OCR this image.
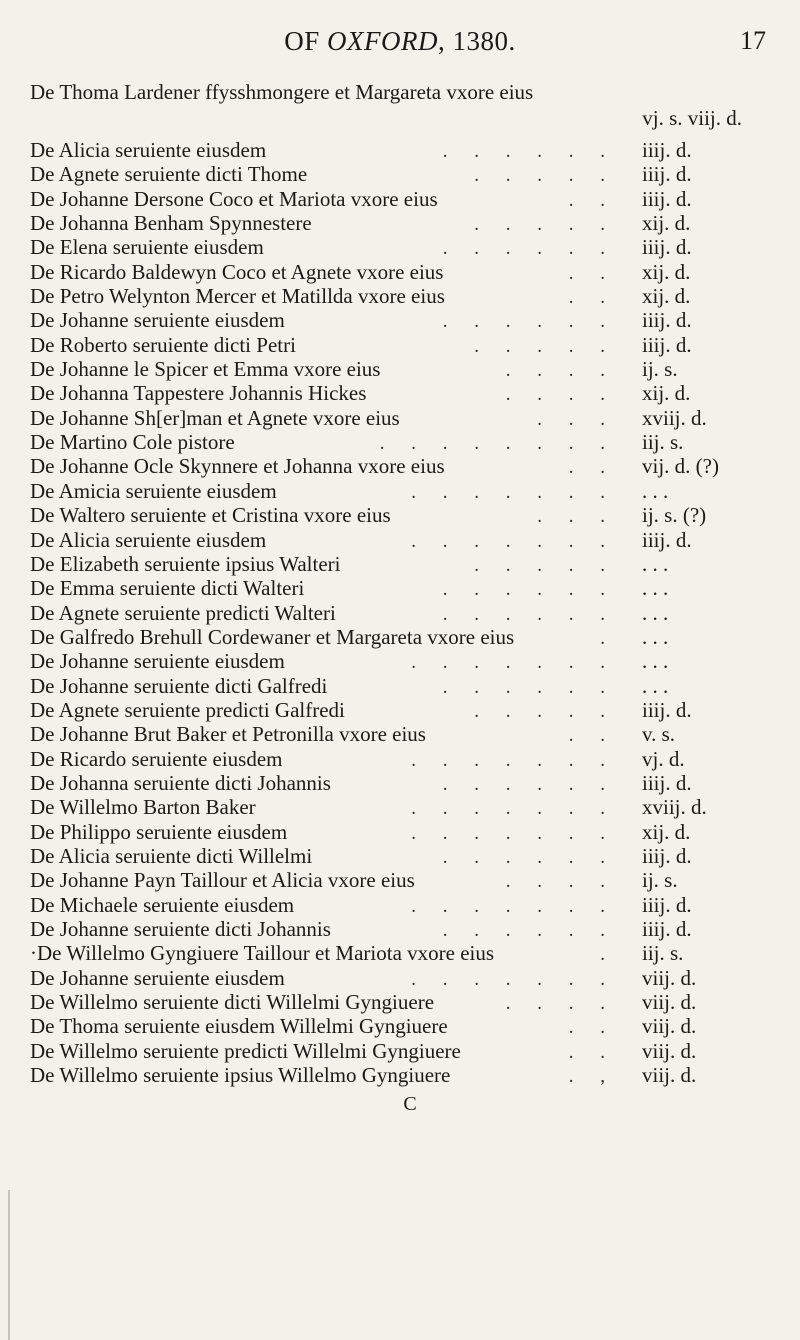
OF OXFORD, 1380.	17
De Thoma Lardener ffysshmongere et Margareta vxore eius
vj. s. viij. d.
De Alicia seruiente eiusdem	. . . . . .	iiij. d.
De Agnete seruiente dicti Thome	. . . . .	iiij. d.
De Johanne Dersone Coco et Mariota vxore eius	. .	iiij. d.
De Johanna Benham Spynnestere	. . . . .	xij. d.
De Elena seruiente eiusdem	. . . . . .	iiij. d.
De Ricardo Baldewyn Coco et Agnete vxore eius	. .	xij. d.
De Petro Welynton Mercer et Matillda vxore eius	. .	xij. d.
De Johanne seruiente eiusdem	. . . . . .	iiij. d.
De Roberto seruiente dicti Petri	. . . . .	iiij. d.
De Johanne le Spicer et Emma vxore eius	. . . .	ij. s.
De Johanna Tappestere Johannis Hickes	. . . .	xij. d.
De Johanne Sh[er]man et Agnete vxore eius	. . .	xviij. d.
De Martino Cole pistore	. . . . . . . .	iij. s.
De Johanne Ocle Skynnere et Johanna vxore eius	. .	vij. d. (?)
De Amicia seruiente eiusdem	. . . . . . .	. . .
De Waltero seruiente et Cristina vxore eius	. . .	ij. s. (?)
De Alicia seruiente eiusdem	. . . . . . .	iiij. d.
De Elizabeth seruiente ipsius Walteri	. . . . .	. . .
De Emma seruiente dicti Walteri	. . . . . .	. . .
De Agnete seruiente predicti Walteri	. . . . . .	. . .
De Galfredo Brehull Cordewaner et Margareta vxore eius	.	. . .
De Johanne seruiente eiusdem	. . . . . . .	. . .
De Johanne seruiente dicti Galfredi	. . . . . .	. . .
De Agnete seruiente predicti Galfredi	. . . . .	iiij. d.
De Johanne Brut Baker et Petronilla vxore eius	. .	v. s.
De Ricardo seruiente eiusdem	. . . . . . .	vj. d.
De Johanna seruiente dicti Johannis	. . . . . .	iiij. d.
De Willelmo Barton Baker	. . . . . . .	xviij. d.
De Philippo seruiente eiusdem	. . . . . . .	xij. d.
De Alicia seruiente dicti Willelmi	. . . . . .	iiij. d.
De Johanne Payn Taillour et Alicia vxore eius	. . . .	ij. s.
De Michaele seruiente eiusdem	. . . . . . .	iiij. d.
De Johanne seruiente dicti Johannis	. . . . . .	iiij. d.
·De Willelmo Gyngiuere Taillour et Mariota vxore eius	.	iij. s.
De Johanne seruiente eiusdem	. . . . . . .	viij. d.
De Willelmo seruiente dicti Willelmi Gyngiuere	. . . .	viij. d.
De Thoma seruiente eiusdem Willelmi Gyngiuere	. .	viij. d.
De Willelmo seruiente predicti Willelmi Gyngiuere	. .	viij. d.
De Willelmo seruiente ipsius Willelmo Gyngiuere	. ,	viij. d.
C
